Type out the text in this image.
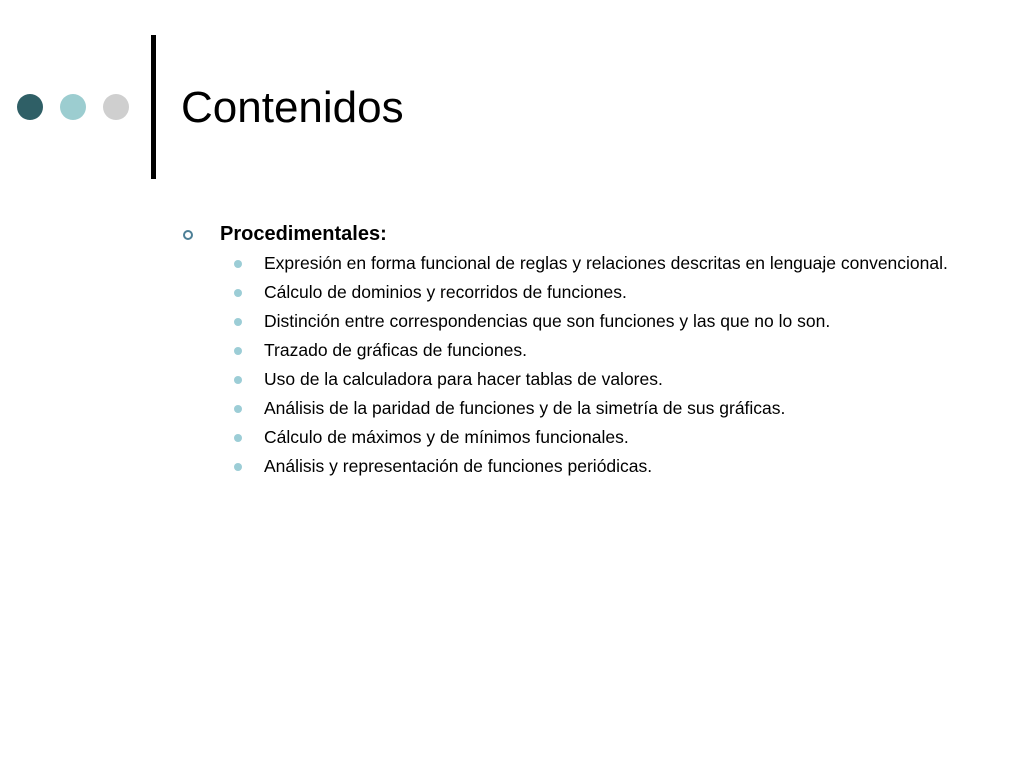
Contenidos
Procedimentales:
Expresión en forma funcional de reglas y relaciones descritas en lenguaje convencional.
Cálculo de dominios y recorridos de funciones.
Distinción entre correspondencias que son funciones y las que no lo son.
Trazado de gráficas de funciones.
Uso de la calculadora para hacer tablas de valores.
Análisis de la paridad de funciones y de la simetría de sus gráficas.
Cálculo de máximos y de mínimos funcionales.
Análisis y representación de funciones periódicas.
